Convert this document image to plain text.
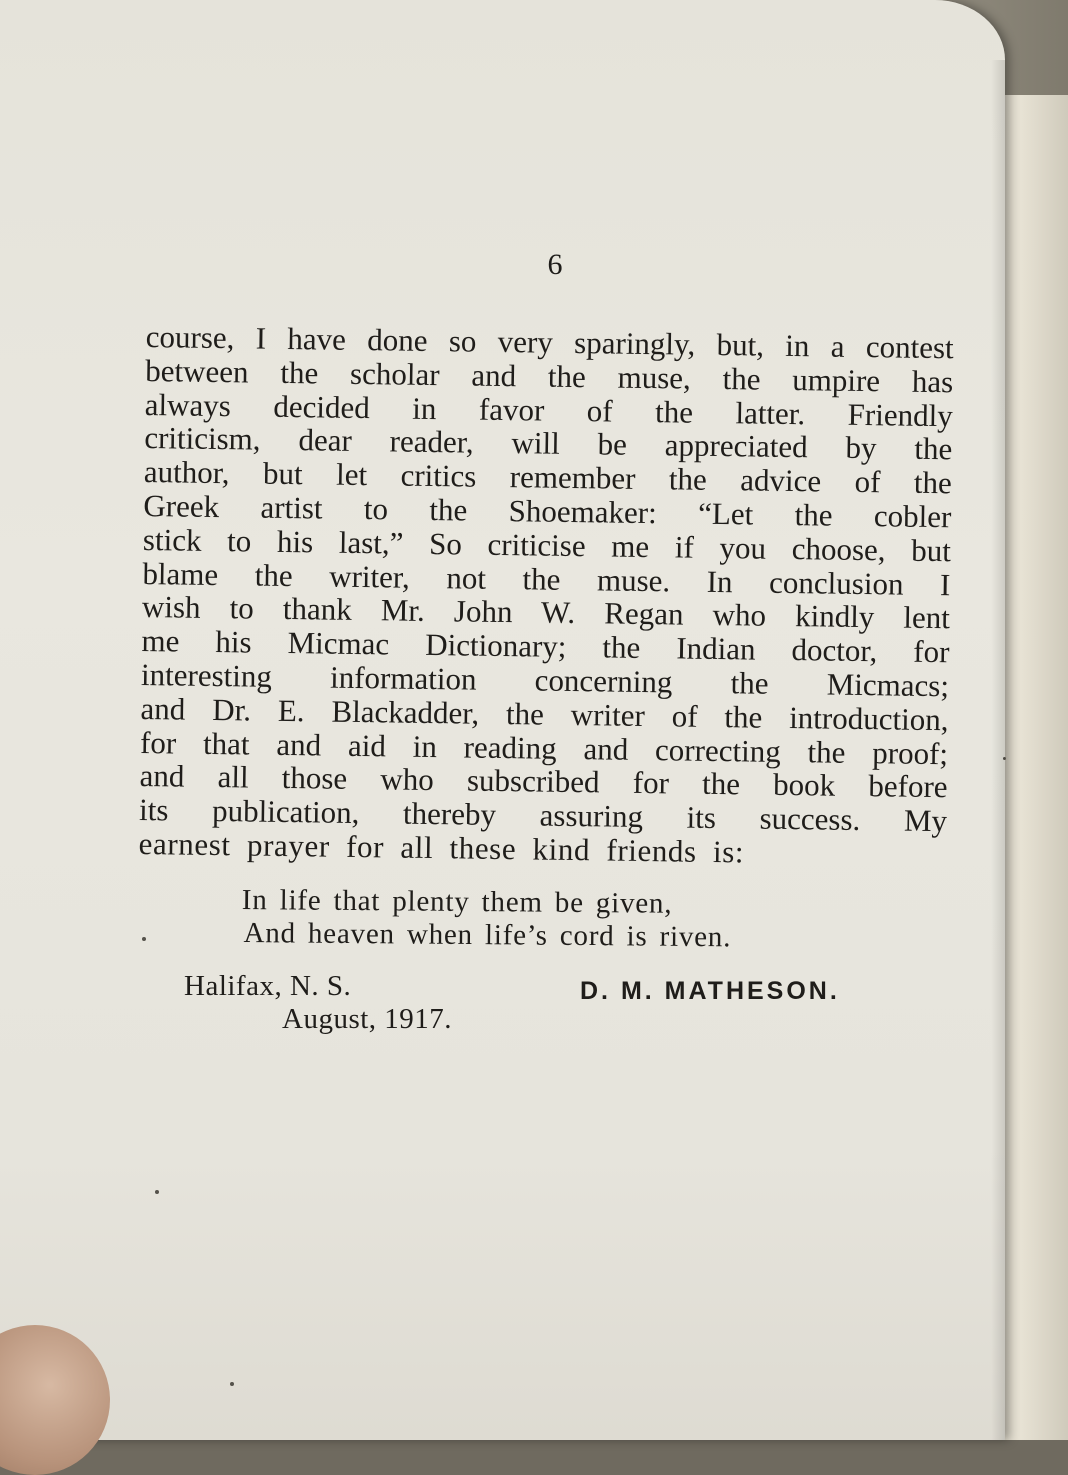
6
course, I have done so very sparingly, but, in a contest
between the scholar and the muse, the umpire has
always decided in favor of the latter. Friendly
criticism, dear reader, will be appreciated by the
author, but let critics remember the advice of the
Greek artist to the Shoemaker: “Let the cobler
stick to his last,” So criticise me if you choose, but
blame the writer, not the muse. In conclusion I
wish to thank Mr. John W. Regan who kindly lent
me his Micmac Dictionary; the Indian doctor, for
interesting information concerning the Micmacs;
and Dr. E. Blackadder, the writer of the introduction,
for that and aid in reading and correcting the proof;
and all those who subscribed for the book before
its publication, thereby assuring its success. My
earnest prayer for all these kind friends is:
In life that plenty them be given,
And heaven when life’s cord is riven.
Halifax, N. S.
August, 1917.
D. M. MATHESON.
